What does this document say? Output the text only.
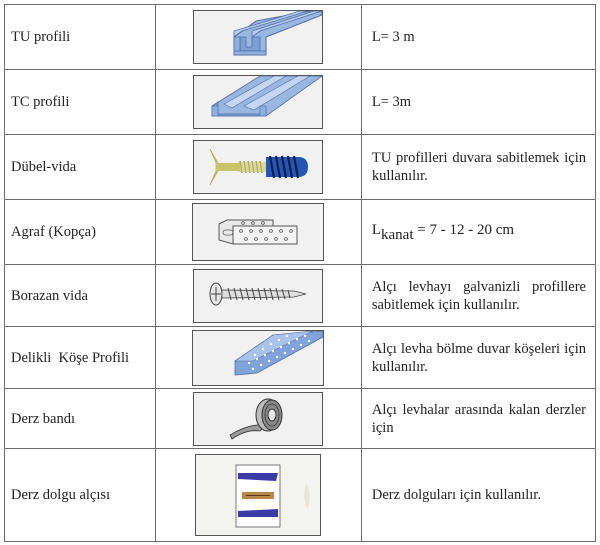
TU profili		L= 3 m
TC profili		L= 3m
Dübel-vida		TU profilleri duvara sabitlemek için kullanılır.
Agraf (Kopça)		$L_{kanat} = 7 - 12 - 20$ cm
Borazan vida		Alçı levhayı galvanizli profillere sabitlemek için kullanılır.
Delikli  Köşe Profili		Alçı levha bölme duvar köşeleri için kullanılır.
Derz bandı		Alçı levhalar arasında kalan derzler için
Derz dolgu alçısı		Derz dolguları için kullanılır.
